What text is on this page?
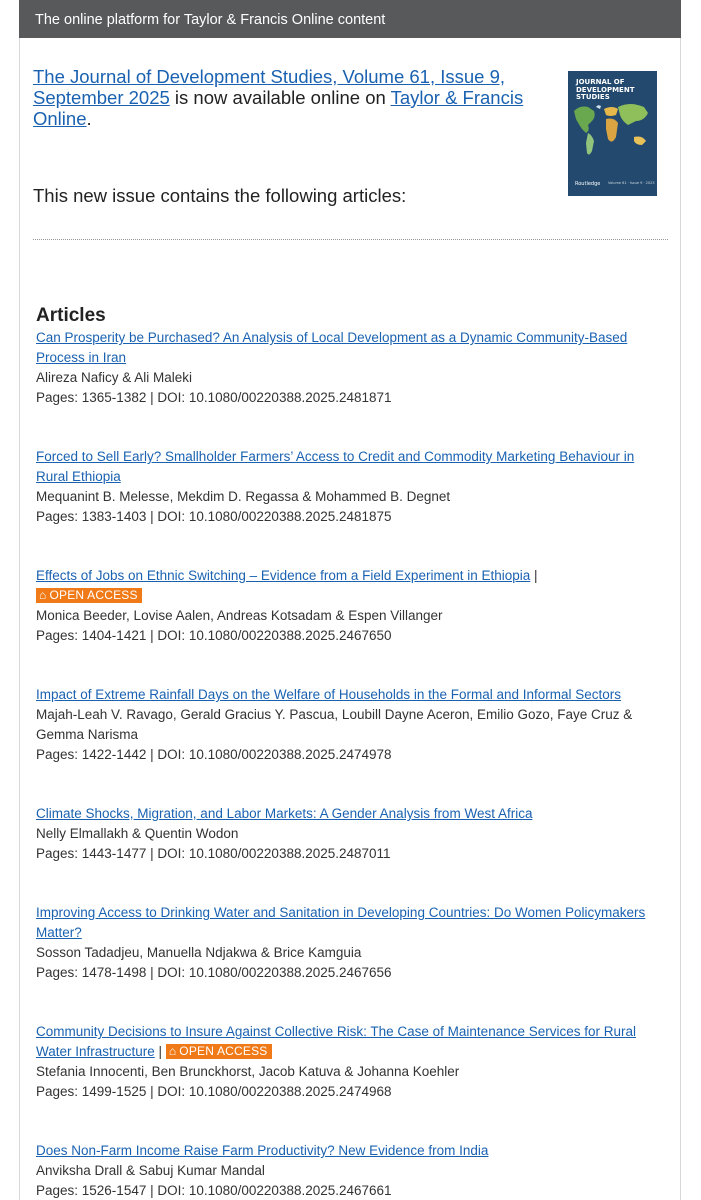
The online platform for Taylor & Francis Online content
The Journal of Development Studies, Volume 61, Issue 9, September 2025 is now available online on Taylor & Francis Online.
JOURNAL OF
DEVELOPMENT
STUDIES
Routledge Volume 61 · Issue 9 · 2025
This new issue contains the following articles:
Articles
Can Prosperity be Purchased? An Analysis of Local Development as a Dynamic Community-Based Process in Iran
Alireza Naficy & Ali Maleki
Pages: 1365-1382 | DOI: 10.1080/00220388.2025.2481871
Forced to Sell Early? Smallholder Farmers’ Access to Credit and Commodity Marketing Behaviour in Rural Ethiopia
Mequanint B. Melesse, Mekdim D. Regassa & Mohammed B. Degnet
Pages: 1383-1403 | DOI: 10.1080/00220388.2025.2481875
Effects of Jobs on Ethnic Switching – Evidence from a Field Experiment in Ethiopia |
⌂ OPEN ACCESS
Monica Beeder, Lovise Aalen, Andreas Kotsadam & Espen Villanger
Pages: 1404-1421 | DOI: 10.1080/00220388.2025.2467650
Impact of Extreme Rainfall Days on the Welfare of Households in the Formal and Informal Sectors
Majah-Leah V. Ravago, Gerald Gracius Y. Pascua, Loubill Dayne Aceron, Emilio Gozo, Faye Cruz & Gemma Narisma
Pages: 1422-1442 | DOI: 10.1080/00220388.2025.2474978
Climate Shocks, Migration, and Labor Markets: A Gender Analysis from West Africa
Nelly Elmallakh & Quentin Wodon
Pages: 1443-1477 | DOI: 10.1080/00220388.2025.2487011
Improving Access to Drinking Water and Sanitation in Developing Countries: Do Women Policymakers Matter?
Sosson Tadadjeu, Manuella Ndjakwa & Brice Kamguia
Pages: 1478-1498 | DOI: 10.1080/00220388.2025.2467656
Community Decisions to Insure Against Collective Risk: The Case of Maintenance Services for Rural Water Infrastructure | ⌂ OPEN ACCESS
Stefania Innocenti, Ben Brunckhorst, Jacob Katuva & Johanna Koehler
Pages: 1499-1525 | DOI: 10.1080/00220388.2025.2474968
Does Non-Farm Income Raise Farm Productivity? New Evidence from India
Anviksha Drall & Sabuj Kumar Mandal
Pages: 1526-1547 | DOI: 10.1080/00220388.2025.2467661
